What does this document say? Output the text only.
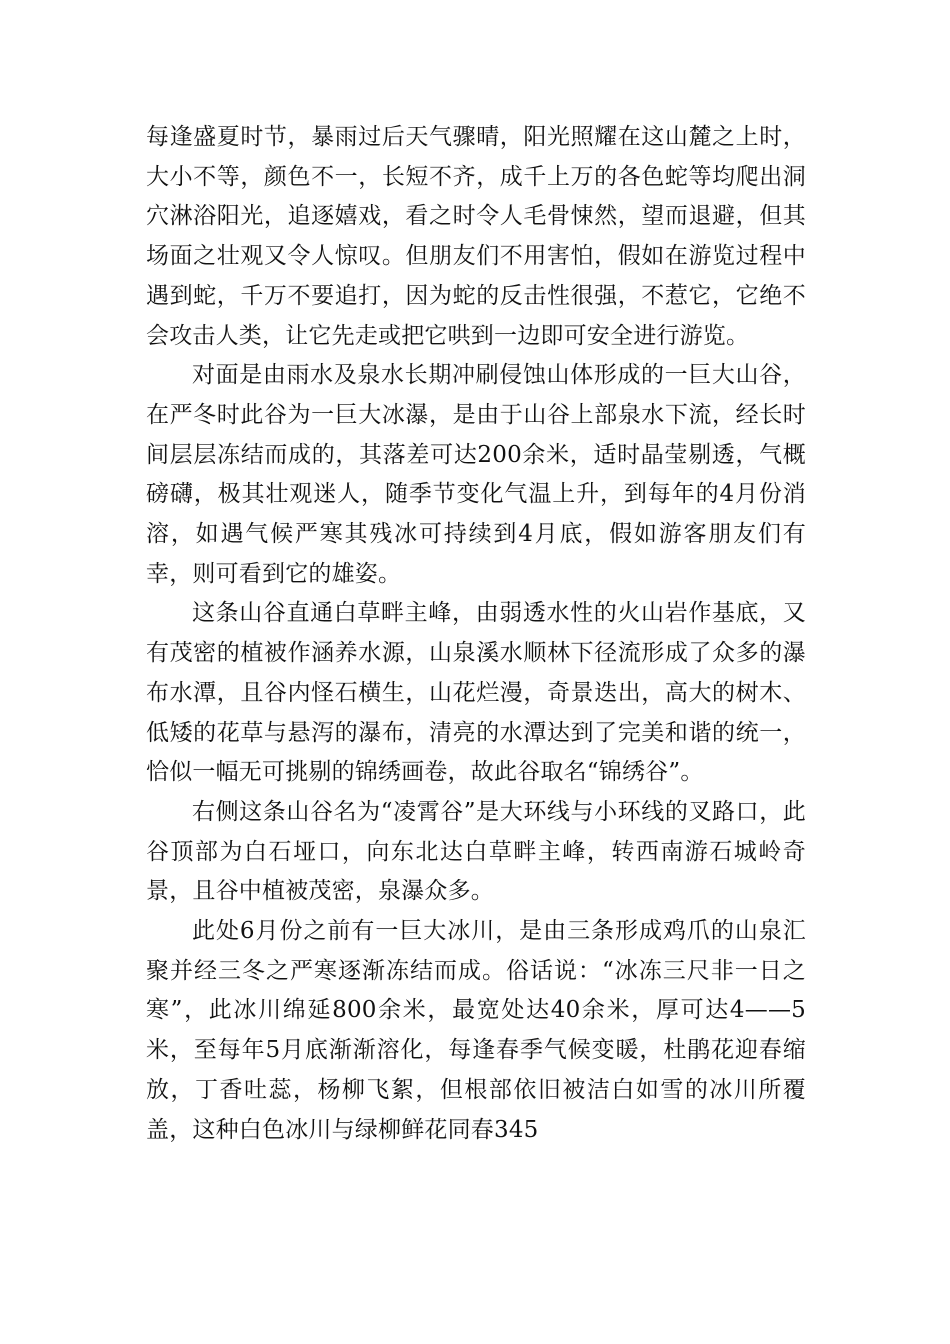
每逢盛夏时节，暴雨过后天气骤晴，阳光照耀在这山麓之上时，大小不等，颜色不一，长短不齐，成千上万的各色蛇等均爬出洞穴淋浴阳光，追逐嬉戏，看之时令人毛骨悚然，望而退避，但其场面之壮观又令人惊叹。但朋友们不用害怕，假如在游览过程中遇到蛇，千万不要追打，因为蛇的反击性很强，不惹它，它绝不会攻击人类，让它先走或把它哄到一边即可安全进行游览。

对面是由雨水及泉水长期冲刷侵蚀山体形成的一巨大山谷，在严冬时此谷为一巨大冰瀑，是由于山谷上部泉水下流，经长时间层层冻结而成的，其落差可达200余米，适时晶莹剔透，气概磅礴，极其壮观迷人，随季节变化气温上升，到每年的4月份消溶，如遇气候严寒其残冰可持续到4月底，假如游客朋友们有幸，则可看到它的雄姿。

这条山谷直通白草畔主峰，由弱透水性的火山岩作基底，又有茂密的植被作涵养水源，山泉溪水顺林下径流形成了众多的瀑布水潭，且谷内怪石横生，山花烂漫，奇景迭出，高大的树木、低矮的花草与悬泻的瀑布，清亮的水潭达到了完美和谐的统一，恰似一幅无可挑剔的锦绣画卷，故此谷取名“锦绣谷”。

右侧这条山谷名为“凌霄谷”是大环线与小环线的叉路口，此谷顶部为白石垭口，向东北达白草畔主峰，转西南游石城岭奇景，且谷中植被茂密，泉瀑众多。

此处6月份之前有一巨大冰川，是由三条形成鸡爪的山泉汇聚并经三冬之严寒逐渐冻结而成。俗话说：“冰冻三尺非一日之寒”，此冰川绵延800余米，最宽处达40余米，厚可达4——5米，至每年5月底渐渐溶化，每逢春季气候变暖，杜鹃花迎春缩放，丁香吐蕊，杨柳飞絮，但根部依旧被洁白如雪的冰川所覆盖，这种白色冰川与绿柳鲜花同春345
